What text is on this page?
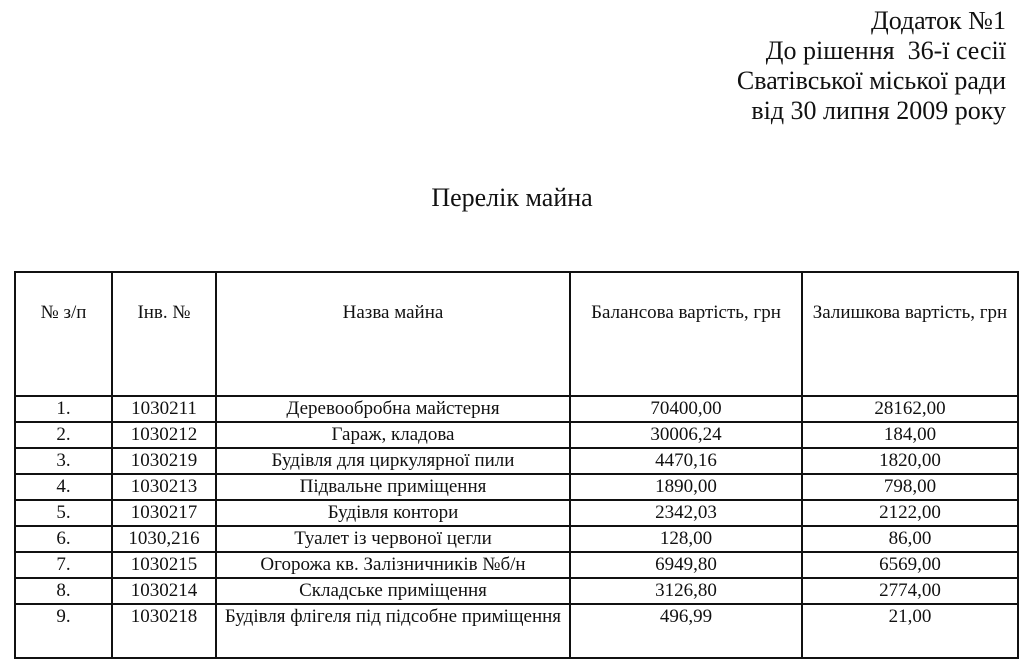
Додаток №1
До рішення  36-ї сесії
Сватівської міської ради
від 30 липня 2009 року
Перелік майна
№ з/п	Інв. №	Назва майна	Балансова вартість, грн	Залишкова вартість, грн
1.	1030211	Деревообробна майстерня	70400,00	28162,00
2.	1030212	Гараж, кладова	30006,24	184,00
3.	1030219	Будівля для циркулярної пили	4470,16	1820,00
4.	1030213	Підвальне приміщення	1890,00	798,00
5.	1030217	Будівля контори	2342,03	2122,00
6.	1030,216	Туалет із червоної цегли	128,00	86,00
7.	1030215	Огорожа кв. Залізничників №б/н	6949,80	6569,00
8.	1030214	Складське приміщення	3126,80	2774,00
9.	1030218	Будівля флігеля під підсобне приміщення	496,99	21,00
